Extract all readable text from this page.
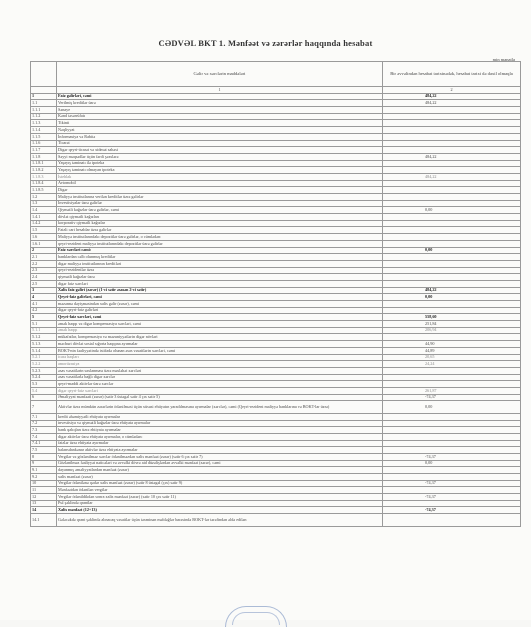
CƏDVƏL BKT 1. Mənfəət və zərərlər haqqında hesabat
min manatla
	Gəlir və xərclərin maddələri	Bir əvvəlindən hesabat tarixinədək, hesabat tarixi də daxil olmaqla
	1	2
1	Faiz gəlirləri, cəmi	484,22
1.1	Verilmiş kreditlər üzrə	484,22
1.1.1	Sənaye	
1.1.2	Kənd təsərrüfatı	
1.1.3	Tikinti	
1.1.4	Nəqliyyat	
1.1.5	İnformasiya və Rabitə	
1.1.6	Ticarət	
1.1.7	Digər qeyri-ticarət və xidmət sahəsi	
1.1.8	Səyyi məqsədlər üçün fərdi şəxslərə	484,22
1.1.8.1	Yaşayış təminatı ilə ipoteka	
1.1.8.2	Yaşayış təminatı olmayan ipoteka	
1.1.8.3	İstehlak	484,22
1.1.8.4	Avtomobil	
1.1.8.5	Digər	
1.2	Maliyyə institutlarına verilən kreditlər üzrə gəlirlər	
1.3	İnvestisiyalar üzrə gəlirlər	
1.4	Qiymətli kağızlar üzrə gəlirlər, cəmi	0,00
1.4.1	dövlət qiymətli kağızları	
1.4.2	korporativ qiymətli kağızlar	
1.5	Faizli cari hesablar üzrə gəlirlər	
1.6	Maliyyə institutlarındakı depozitlər üzrə gəlirlər, o cümlədən:	
1.6.1	qeyri-rezident maliyyə institutlarındakı depozitlər üzrə gəlirlər	
2	Faiz xərcləri cəmi:	0,00
2.1	banklardan cəlb olunmuş kreditlər	
2.2	digər maliyyə institutlarının kreditləri	
2.3	qeyri-rezidentlər üzrə	
2.4	qiymətli kağızlar üzrə	
2.5	digər faiz xərcləri	
3	Xalis faiz gəliri (zərər) (1-ci sətir əsasən 2-ci sətir)	484,22
4	Qeyri-faiz gəlirləri, cəmi	0,00
4.1	məzənnə dəyişməsindən xalis gəlir (zərər), cəmi	
4.2	digər qeyri-faiz gəlirləri	
5	Qeyri-faiz xərcləri, cəmi	558,60
5.1	əmək haqqı və digər kompensasiya xərcləri, cəmi	251,84
5.1.1	əmək haqqı	206,94
5.1.2	mükafatlar, kompensasiya və məzuniyyətlərin digər növləri	
5.1.3	məcburi dövlət sosial sığorta haqqına ayırmalar	44,90
5.1.4	BOKT-nin fəaliyyətində istifadə olunan əsas vəsaitlərin xərcləri, cəmi	44,89
5.2.1	icarə haqları	20,65
5.2.2	amortizasiya	24,24
5.2.3	əsas vəsaitlərin saxlanması üzrə məsləhət xərcləri	
5.2.4	əsas vəsaitlərlə bağlı digər xərclər	
5.3	qeyri-maddi aktivlər üzrə xərclər	
5.4	digər qeyri-faiz xərcləri	261,87
6	Əməliyyat mənfəəti (zərər) (sətir 3 üstəgəl sətir 4 çıx sətir 5)	-74,37
7	Aktivlər üzrə mümkün zərərlərin ödənilməsi üçün xüsusi ehtiyatın yaradılmasına ayırmalar (xərclər), cəmi (Qeyri-rezident maliyyə banklarına və BOKT-lar üzrə)	0,00
7.1	kredit əhəmiyyətli ehtiyata ayırmalar	
7.2	investisiya və qiymətli kağızlar üzrə ehtiyata ayırmalar	
7.3	bank qalıqları üzrə ehtiyata ayırmalar	
7.4	digər aktivlər üzrə ehtiyata ayırmalar, o cümlədən:	
7.4.1	faizlər üzrə ehtiyata ayırmalar	
7.5	balansdankənar aktivlər üzrə ehtiyata ayırmalar	
8	Vergilər və gözlənilməz xərclər ödənilməzdən xalis mənfəət (zərər) (sətir 6 çıx sətir 7)	-74,37
9	Gözlənilməz fəaliyyət nəticələri və əvvəlki dövrə aid düzəlişlərdən əvvəlki mənfəət (zərər), cəmi	0,00
9.1	dayanmış əməliyyatlardan mənfəət (zərər)	
9.2	xalis mənfəət (zərər)	
10	Vergilər ödənilənə qədər xalis mənfəət (zərər) (sətir 8 üstəgəl (çıx) sətir 9)	-74,37
11	Mənfəətdən ödənilən vergilər	
12	Vergilər ödənildikdən sonra xalis mənfəət (zərər) (sətir 10 çıx sətir 11)	-74,37
13	Pul şəklində qrantlar	
14	Xalis mənfəət (12+13)	-74,37
14.1	Gələcəkdə qrant şəklində alınacaq vəsaitlər üçün təxminən məbləğlər barəsində BOKT-lər tərəfindən əldə edilən	
